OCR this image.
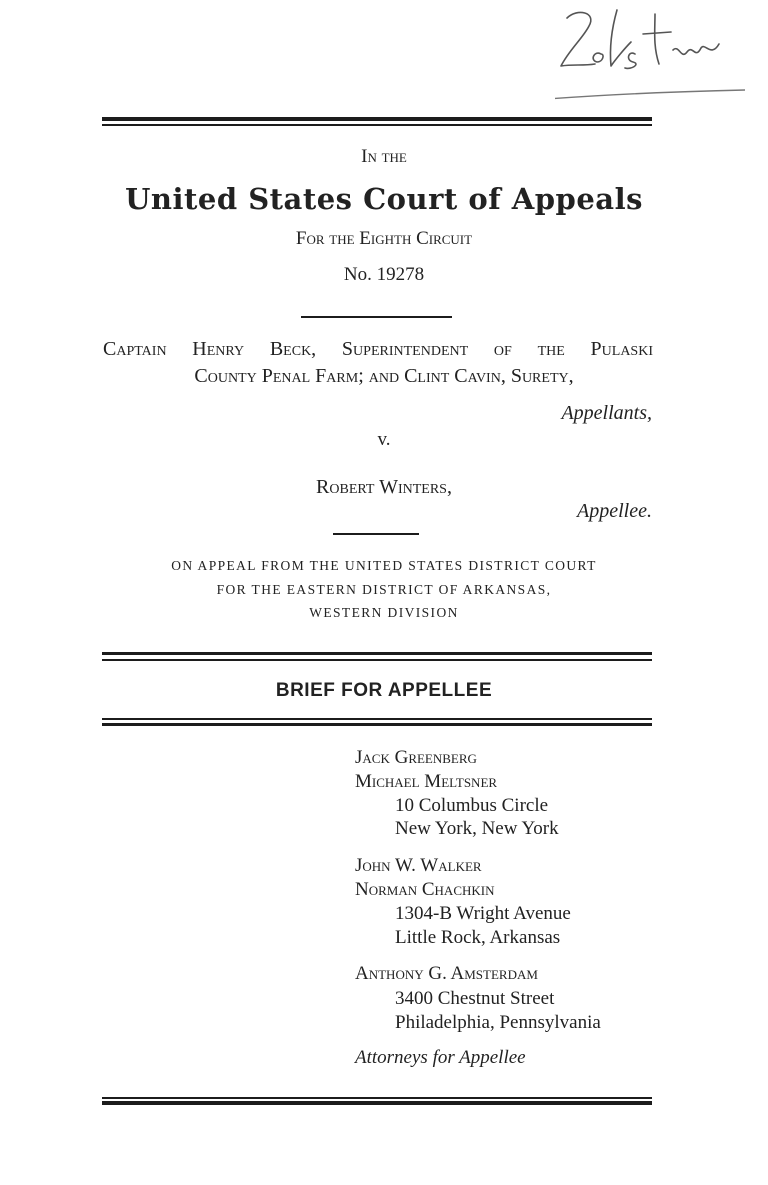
In the
United States Court of Appeals
For the Eighth Circuit
No. 19278
Captain Henry Beck, Superintendent of the Pulaski
County Penal Farm; and Clint Cavin, Surety,
Appellants,
v.
Robert Winters,
Appellee.
ON APPEAL FROM THE UNITED STATES DISTRICT COURT
FOR THE EASTERN DISTRICT OF ARKANSAS,
WESTERN DIVISION
BRIEF FOR APPELLEE
Jack Greenberg
Michael Meltsner
10 Columbus Circle
New York, New York
John W. Walker
Norman Chachkin
1304-B Wright Avenue
Little Rock, Arkansas
Anthony G. Amsterdam
3400 Chestnut Street
Philadelphia, Pennsylvania
Attorneys for Appellee
